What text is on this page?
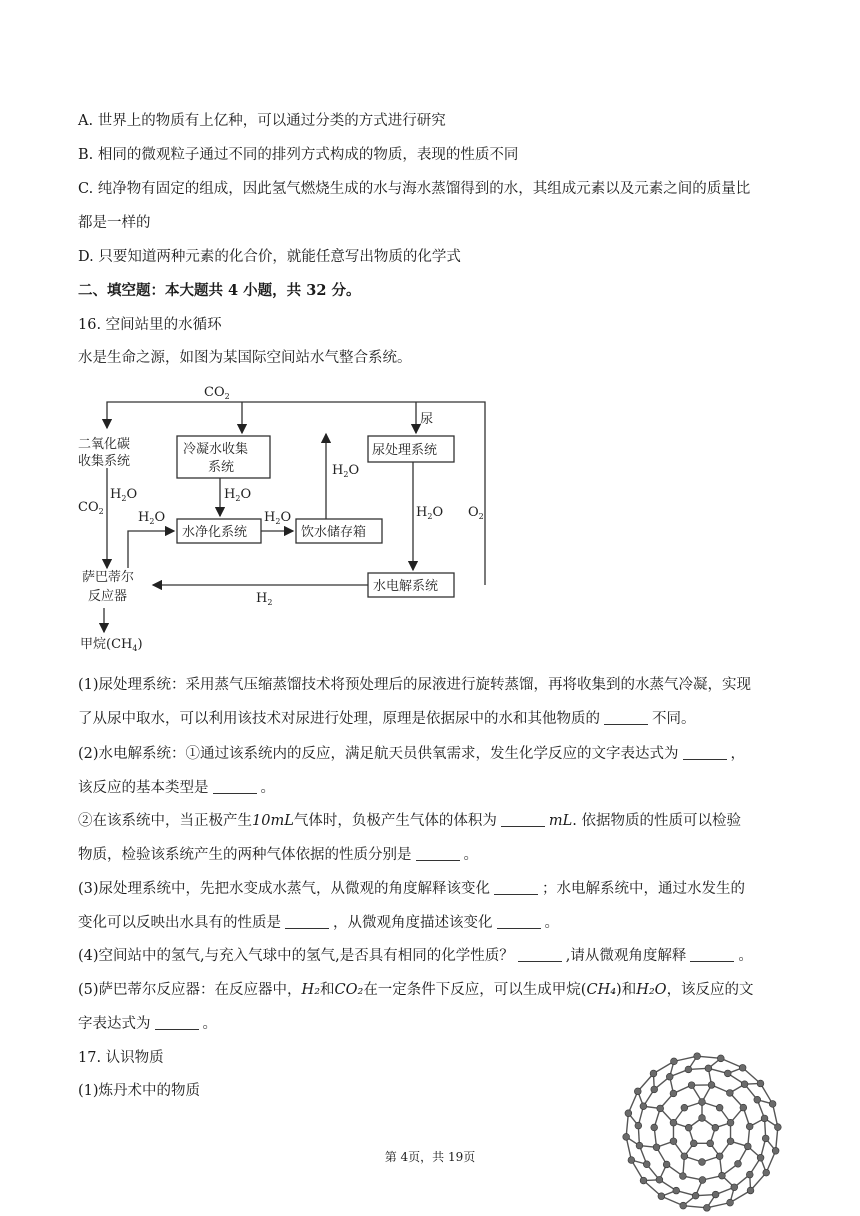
A. 世界上的物质有上亿种，可以通过分类的方式进行研究
B. 相同的微观粒子通过不同的排列方式构成的物质，表现的性质不同
C. 纯净物有固定的组成，因此氢气燃烧生成的水与海水蒸馏得到的水，其组成元素以及元素之间的质量比
都是一样的
D. 只要知道两种元素的化合价，就能任意写出物质的化学式
二、填空题：本大题共 4 小题，共 32 分。
16. 空间站里的水循环
水是生命之源，如图为某国际空间站水气整合系统。
$CO_2$
二氧化碳
收集系统
冷凝水收集
系统
尿
尿处理系统
$H_2O$	$H_2O$
$H_2O$
$H_2O$
$H_2O$	$H_2O$
$CO_2$
水净化系统	饮水储存箱
$O_2$
萨巴蒂尔
反应器
水电解系统
$H_2$
甲烷$(CH_4)$
(1)尿处理系统：采用蒸气压缩蒸馏技术将预处理后的尿液进行旋转蒸馏，再将收集到的水蒸气冷凝，实现
了从尿中取水，可以利用该技术对尿进行处理，原理是依据尿中的水和其他物质的	不同。
(2)水电解系统：①通过该系统内的反应，满足航天员供氧需求，发生化学反应的文字表达式为	，
该反应的基本类型是	。
②在该系统中，当正极产生10mL气体时，负极产生气体的体积为	mL. 依据物质的性质可以检验
物质，检验该系统产生的两种气体依据的性质分别是	。
(3)尿处理系统中，先把水变成水蒸气，从微观的角度解释该变化	；水电解系统中，通过水发生的
变化可以反映出水具有的性质是	，从微观角度描述该变化	。
(4)空间站中的氢气,与充入气球中的氢气,是否具有相同的化学性质？	,请从微观角度解释	。
(5)萨巴蒂尔反应器：在反应器中，H₂和CO₂在一定条件下反应，可以生成甲烷(CH₄)和H₂O，该反应的文
字表达式为	。
17. 认识物质
(1)炼丹术中的物质
第 4页，共 19页
